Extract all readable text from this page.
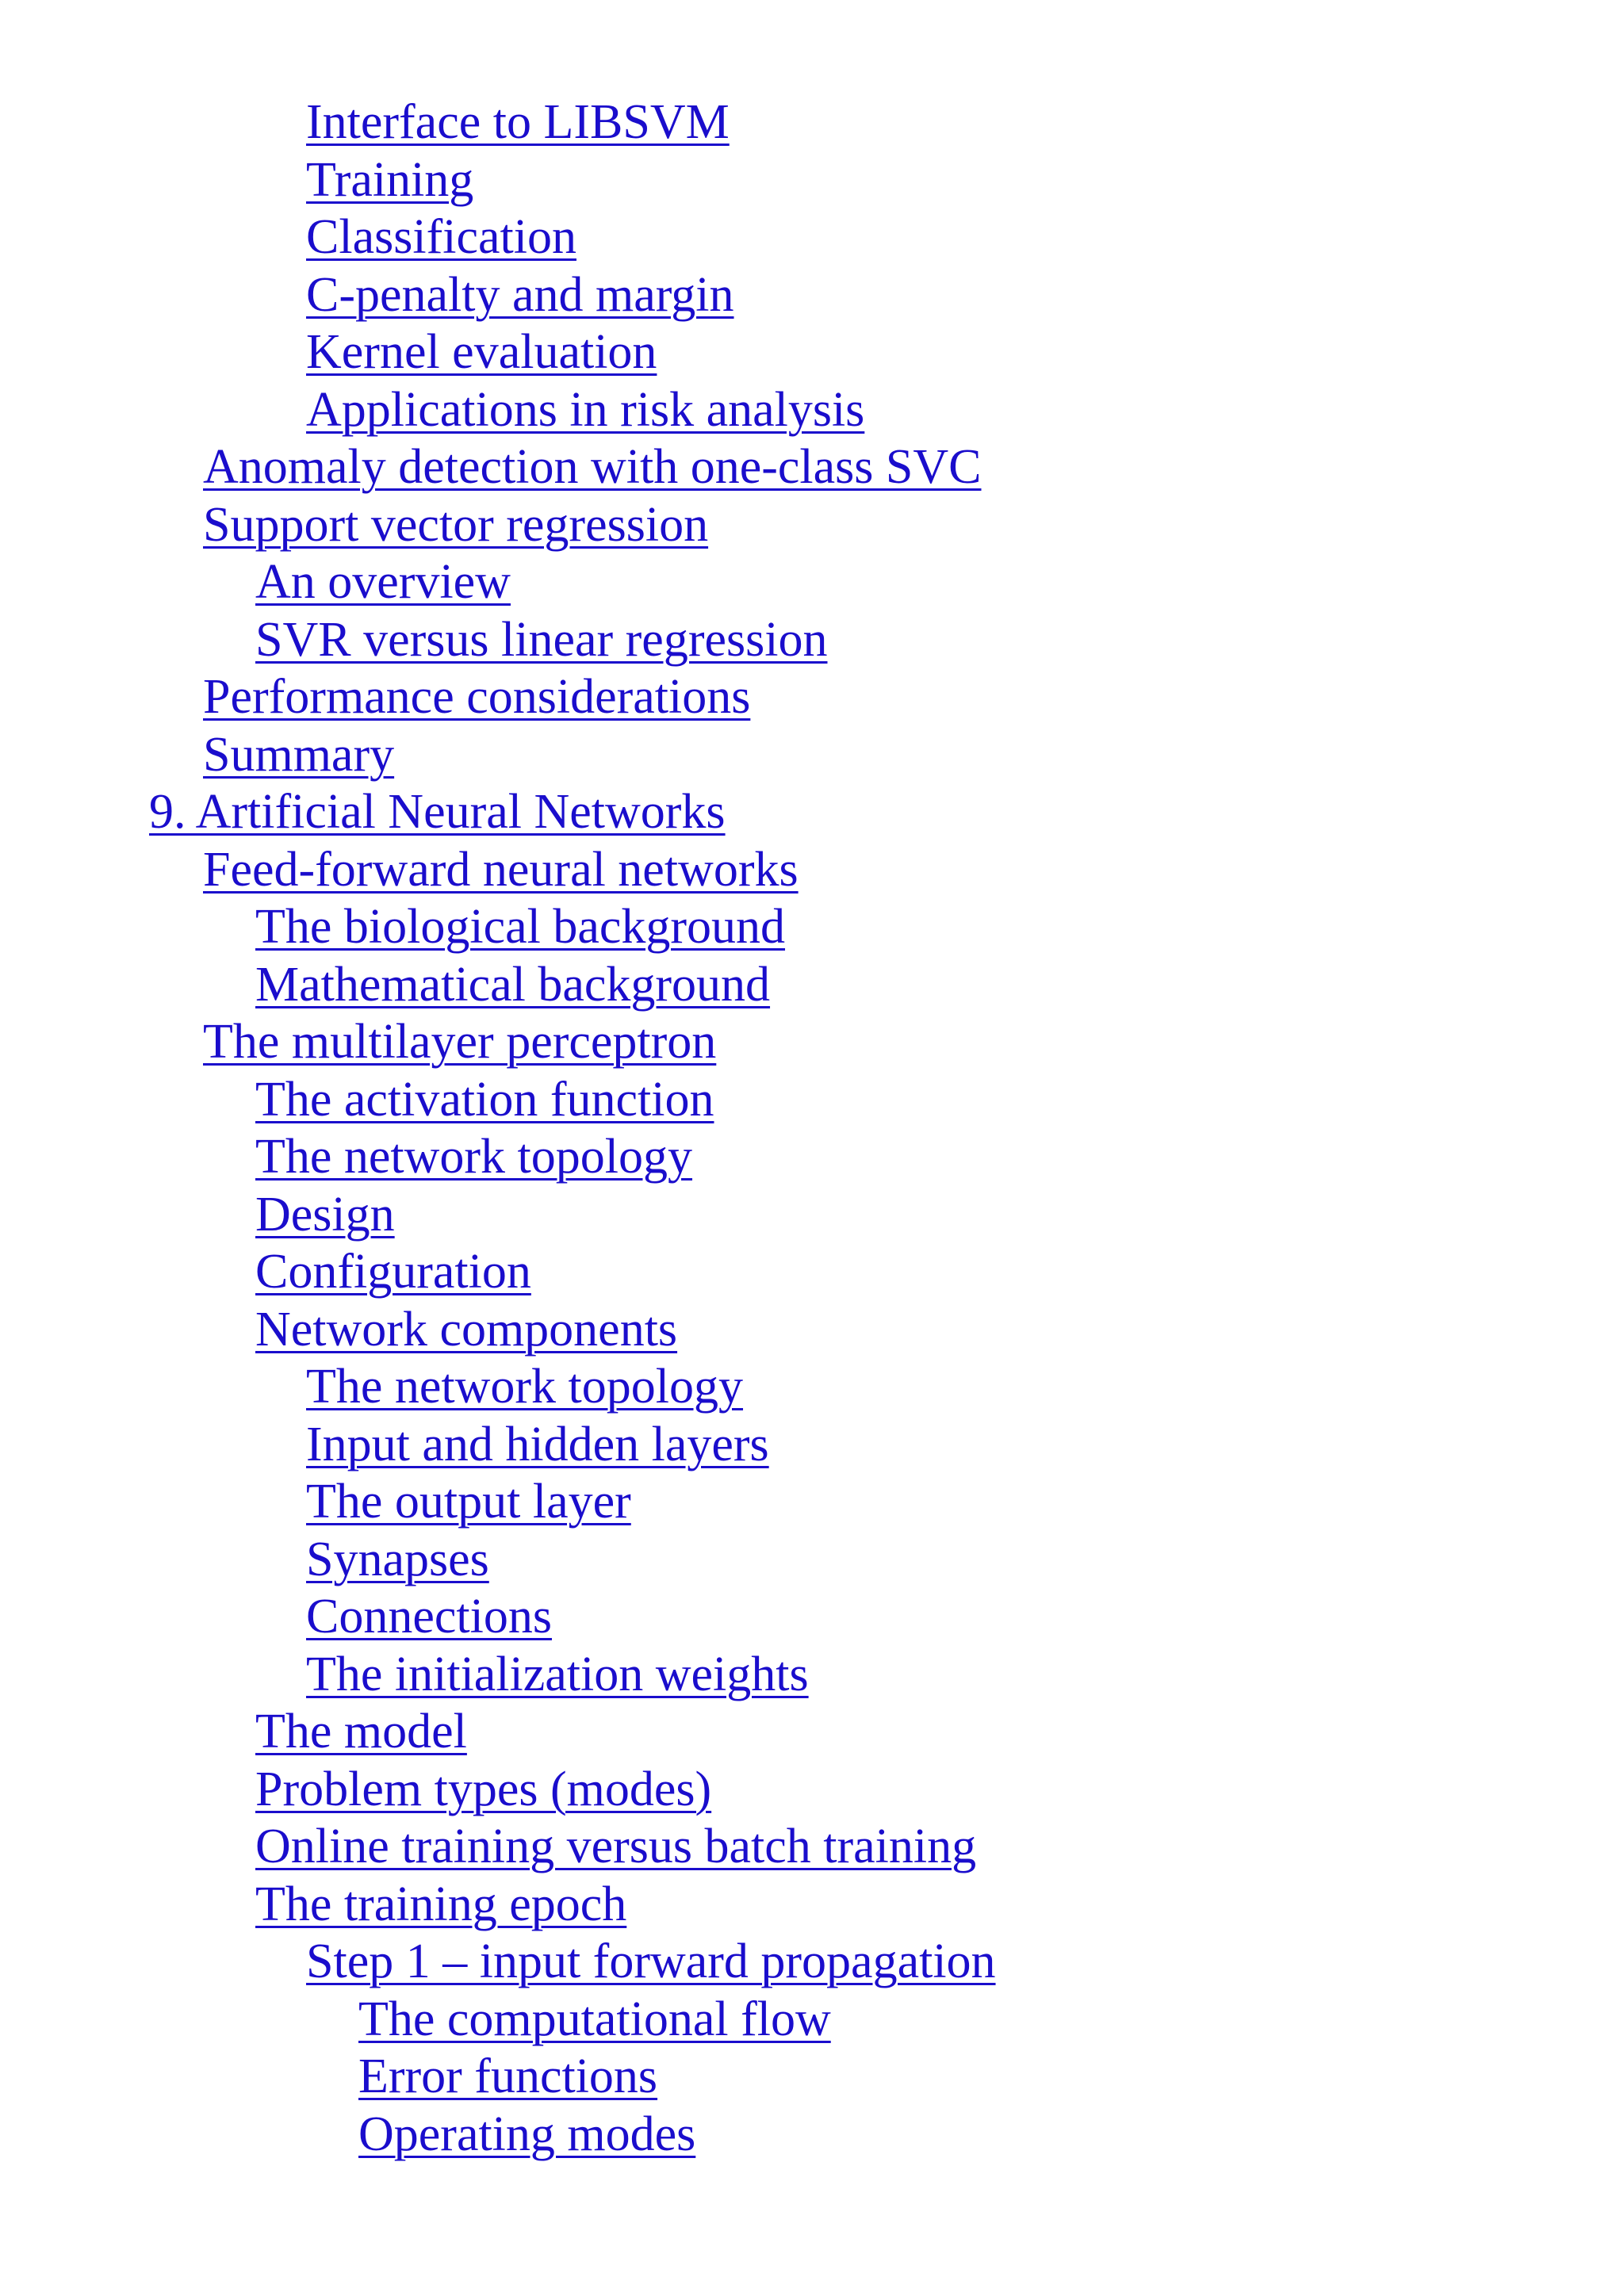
Interface to LIBSVM
Training
Classification
C-penalty and margin
Kernel evaluation
Applications in risk analysis
Anomaly detection with one-class SVC
Support vector regression
An overview
SVR versus linear regression
Performance considerations
Summary
9. Artificial Neural Networks
Feed-forward neural networks
The biological background
Mathematical background
The multilayer perceptron
The activation function
The network topology
Design
Configuration
Network components
The network topology
Input and hidden layers
The output layer
Synapses
Connections
The initialization weights
The model
Problem types (modes)
Online training versus batch training
The training epoch
Step 1 – input forward propagation
The computational flow
Error functions
Operating modes
